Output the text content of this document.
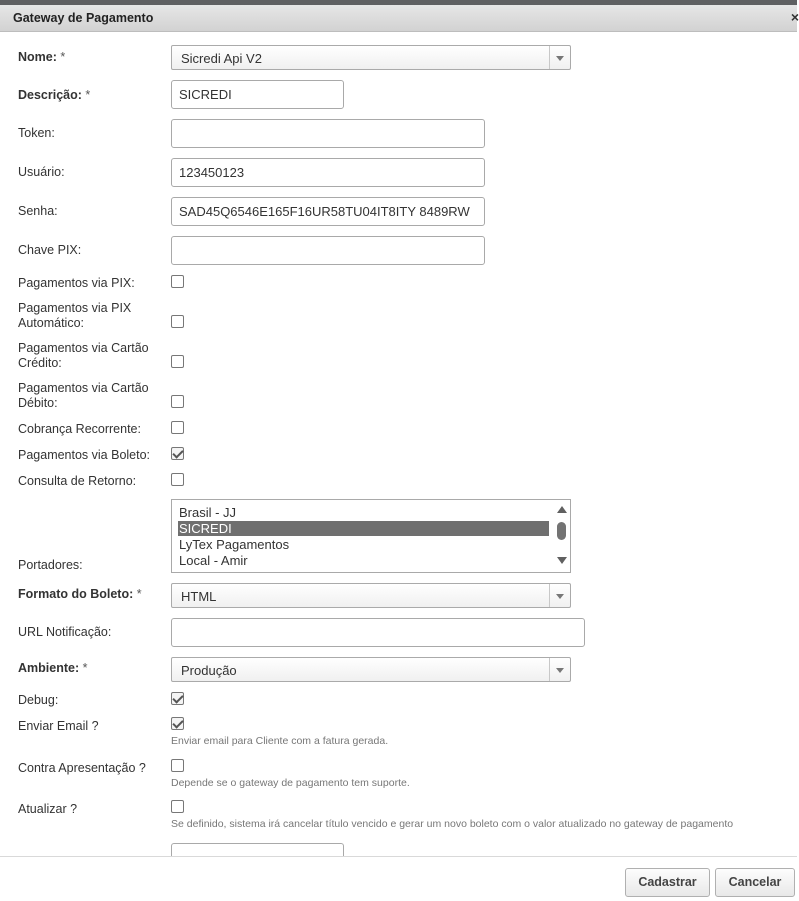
Gateway de Pagamento	×
Nome: *	Sicredi Api V2
Descrição: *	SICREDI
Token:
Usuário:	123450123
Senha:	SAD45Q6546E165F16UR58TU04IT8ITY 8489RW
Chave PIX:
Pagamentos via PIX:
Pagamentos via PIX
Automático:
Pagamentos via Cartão
Crédito:
Pagamentos via Cartão
Débito:
Cobrança Recorrente:
Pagamentos via Boleto:
Consulta de Retorno:
Portadores:
Brasil - JJ
SICREDI
LyTex Pagamentos
Local - Amir
Formato do Boleto: *	HTML
URL Notificação:
Ambiente: *	Produção
Debug:
Enviar Email ?
Enviar email para Cliente com a fatura gerada.
Contra Apresentação ?
Depende se o gateway de pagamento tem suporte.
Atualizar ?
Se definido, sistema irá cancelar título vencido e gerar um novo boleto com o valor atualizado no gateway de pagamento
Cadastrar	Cancelar
